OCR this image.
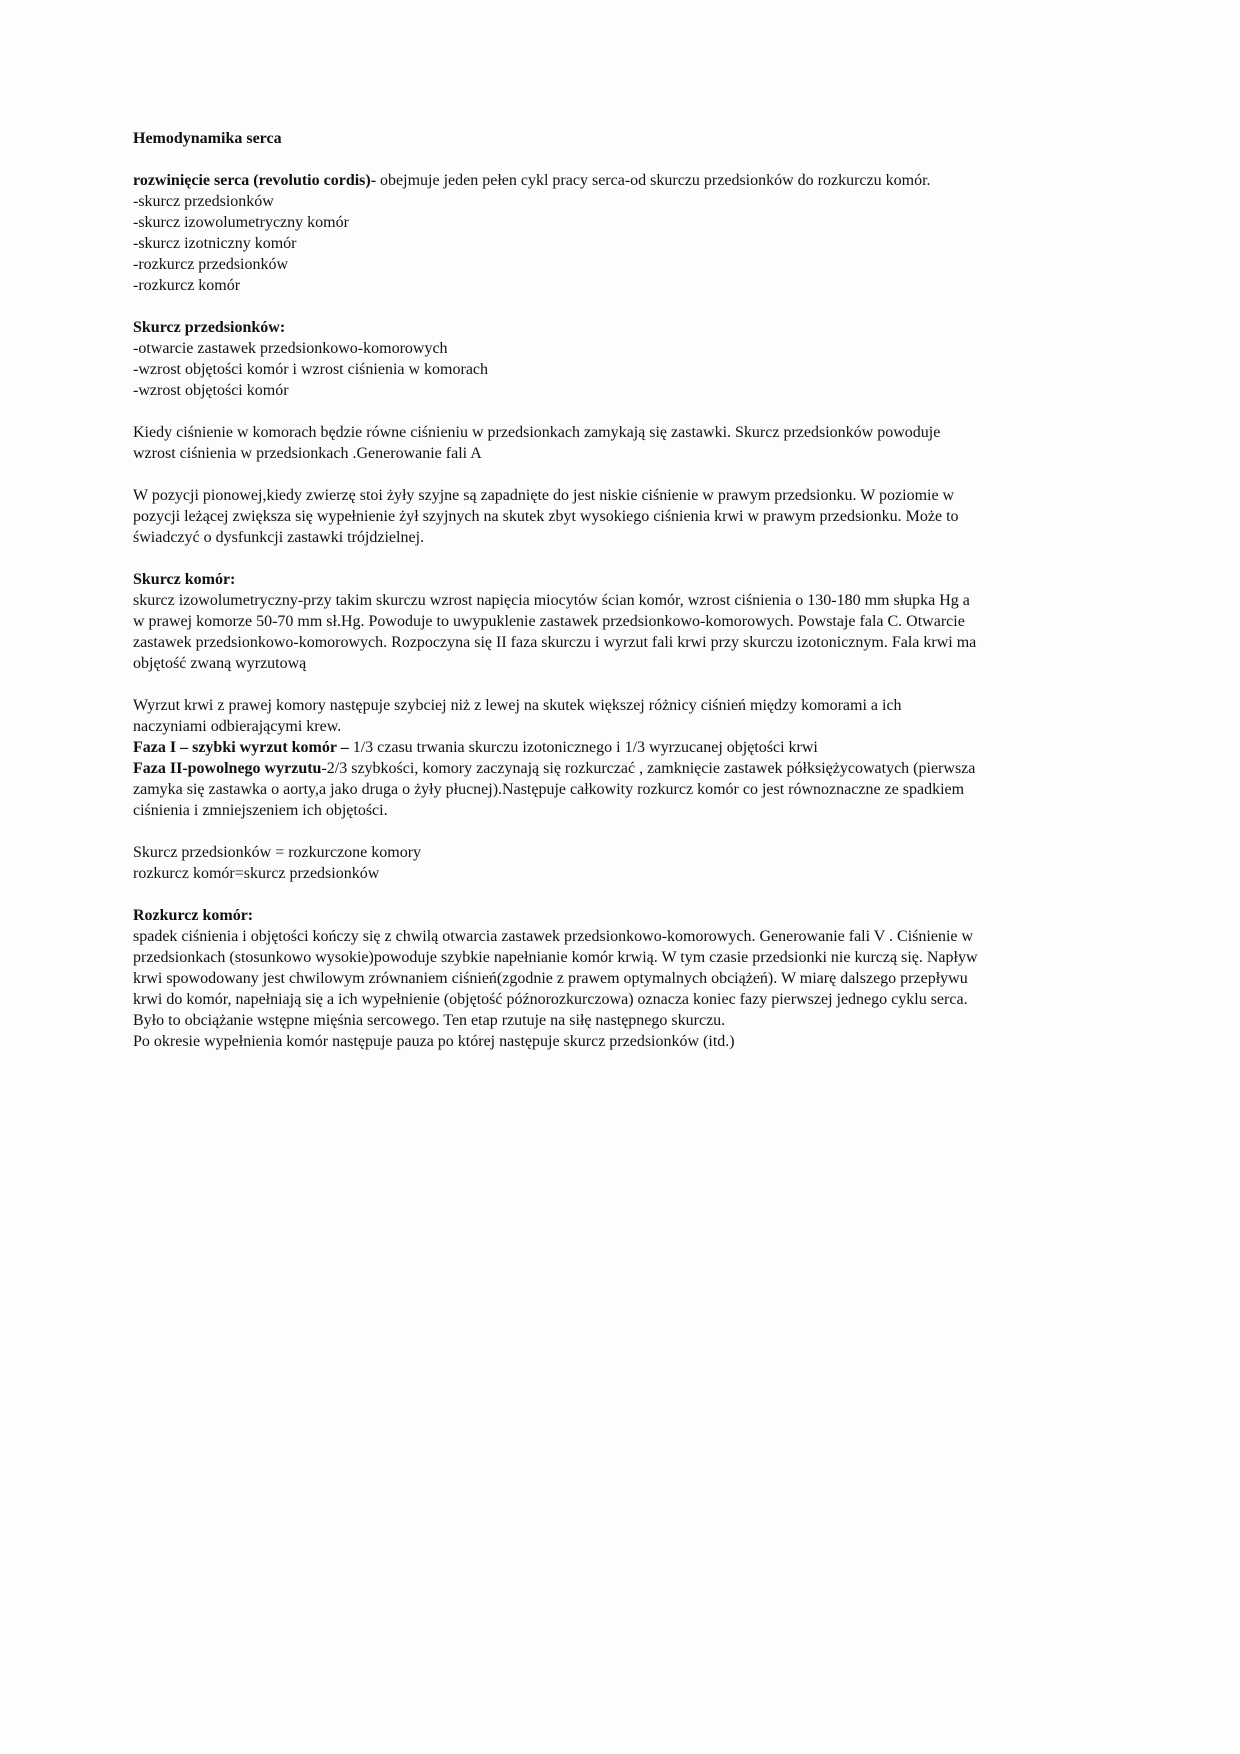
Hemodynamika serca

rozwinięcie serca (revolutio cordis)- obejmuje jeden pełen cykl pracy serca-od skurczu przedsionków do rozkurczu komór.

-skurcz przedsionków
-skurcz izowolumetryczny komór
-skurcz izotniczny komór
-rozkurcz przedsionków
-rozkurcz komór
Skurcz przedsionków:
-otwarcie zastawek przedsionkowo-komorowych
-wzrost objętości komór i wzrost ciśnienia w komorach
-wzrost objętości komór

Kiedy ciśnienie w komorach będzie równe ciśnieniu w przedsionkach zamykają się zastawki. Skurcz przedsionków powoduje wzrost ciśnienia w przedsionkach .Generowanie fali A

W pozycji pionowej,kiedy zwierzę stoi żyły szyjne są zapadnięte do jest niskie ciśnienie w prawym przedsionku. W poziomie w pozycji leżącej zwiększa się wypełnienie żył szyjnych na skutek zbyt wysokiego ciśnienia krwi w prawym przedsionku. Może to świadczyć o dysfunkcji zastawki trójdzielnej.

Skurcz komór:

skurcz izowolumetryczny-przy takim skurczu wzrost napięcia miocytów ścian komór, wzrost ciśnienia o 130-180 mm słupka Hg a w prawej komorze 50-70 mm sł.Hg. Powoduje to uwypuklenie zastawek przedsionkowo-komorowych. Powstaje fala C. Otwarcie zastawek przedsionkowo-komorowych. Rozpoczyna się II faza skurczu i wyrzut fali krwi przy skurczu izotonicznym. Fala krwi ma objętość zwaną wyrzutową

Wyrzut krwi z prawej komory następuje szybciej niż z lewej na skutek większej różnicy ciśnień między komorami a ich naczyniami odbierającymi krew.

Faza I – szybki wyrzut komór – 1/3 czasu trwania skurczu izotonicznego i 1/3 wyrzucanej objętości krwi

Faza II-powolnego wyrzutu-2/3 szybkości, komory zaczynają się rozkurczać , zamknięcie zastawek półksiężycowatych (pierwsza zamyka się zastawka o aorty,a jako druga o żyły płucnej).Następuje całkowity rozkurcz komór co jest równoznaczne ze spadkiem ciśnienia i zmniejszeniem ich objętości.

Skurcz przedsionków = rozkurczone komory
rozkurcz komór=skurcz przedsionków
Rozkurcz komór:

spadek ciśnienia i objętości kończy się z chwilą otwarcia zastawek przedsionkowo-komorowych. Generowanie fali V . Ciśnienie w przedsionkach (stosunkowo wysokie)powoduje szybkie napełnianie komór krwią. W tym czasie przedsionki nie kurczą się. Napływ krwi spowodowany jest chwilowym zrównaniem ciśnień(zgodnie z prawem optymalnych obciążeń). W miarę dalszego przepływu krwi do komór, napełniają się a ich wypełnienie (objętość późnorozkurczowa) oznacza koniec fazy pierwszej jednego cyklu serca. Było to obciążanie wstępne mięśnia sercowego. Ten etap rzutuje na siłę następnego skurczu.

Po okresie wypełnienia komór następuje pauza po której następuje skurcz przedsionków (itd.)
